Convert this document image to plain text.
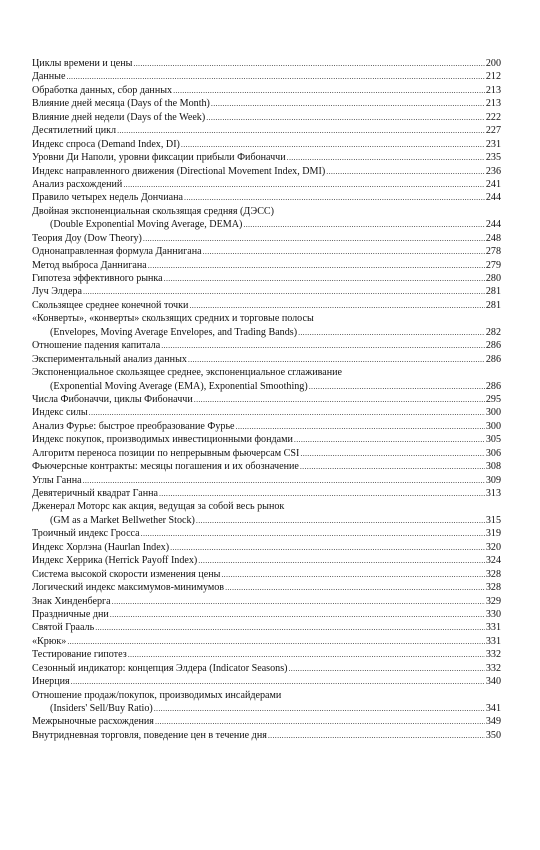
Циклы времени и цены .....	200
Данные .....	212
Обработка данных, сбор данных .....	213
Влияние дней месяца (Days of the Month) .....	213
Влияние дней недели (Days of the Week) .....	222
Десятилетний цикл .....	227
Индекс спроса (Demand Index, DI) .....	231
Уровни Ди Наполи, уровни фиксации прибыли Фибоначчи .....	235
Индекс направленного движения (Directional Movement Index, DMI) .....	236
Анализ расхождений .....	241
Правило четырех недель Дончиана .....	244
Двойная экспоненциальная скользящая средняя (ДЭСС)
(Double Exponential Moving Average, DEMA) .....	244
Теория Доу (Dow Theory) .....	248
Однонаправленная формула Даннигана .....	278
Метод выброса Даннигана .....	279
Гипотеза эффективного рынка .....	280
Луч Элдера .....	281
Скользящее среднее конечной точки .....	281
«Конверты», «конверты» скользящих средних и торговые полосы
(Envelopes, Moving Average Envelopes, and Trading Bands) .....	282
Отношение падения капитала .....	286
Экспериментальный анализ данных .....	286
Экспоненциальное скользящее среднее, экспоненциальное сглаживание
(Exponential Moving Average (EMA), Exponential Smoothing) .....	286
Числа Фибоначчи, циклы Фибоначчи .....	295
Индекс силы .....	300
Анализ Фурье: быстрое преобразование Фурье .....	300
Индекс покупок, производимых инвестиционными фондами .....	305
Алгоритм переноса позиции по непрерывным фьючерсам CSI .....	306
Фьючерсные контракты: месяцы погашения и их обозначение .....	308
Углы Ганна .....	309
Девятеричный квадрат Ганна .....	313
Дженерал Моторс как акция, ведущая за собой весь рынок
(GM as a Market Bellwether Stock) .....	315
Троичный индекс Гросса .....	319
Индекс Хорлэна (Haurlan Index) .....	320
Индекс Херрика (Herrick Payoff Index) .....	324
Система высокой скорости изменения цены .....	328
Логический индекс максимумов-минимумов .....	328
Знак Хинденберга .....	329
Праздничные дни .....	330
Святой Грааль .....	331
«Крюк» .....	331
Тестирование гипотез .....	332
Сезонный индикатор: концепция Элдера (Indicator Seasons) .....	332
Инерция .....	340
Отношение продаж/покупок, производимых инсайдерами
(Insiders' Sell/Buy Ratio) .....	341
Межрыночные расхождения .....	349
Внутридневная торговля, поведение цен в течение дня .....	350
